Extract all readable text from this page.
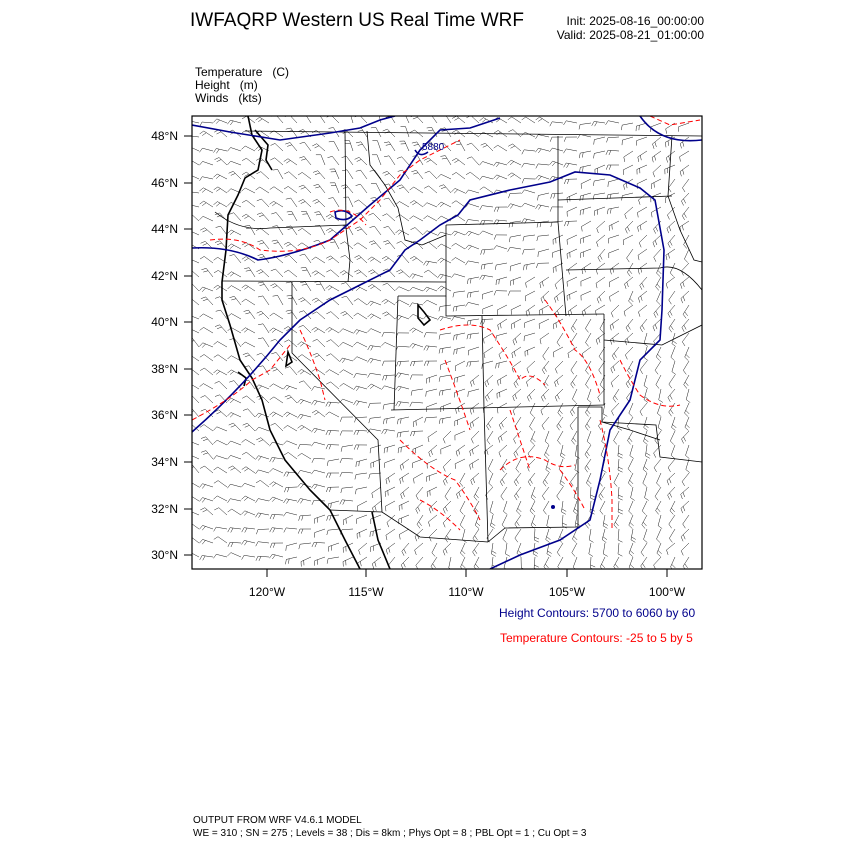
IWFAQRP Western US Real Time WRF	Init: 2025-08-16_00:00:00
Valid: 2025-08-21_01:00:00
Temperature (C)
Height (m)
Winds (kts)
5880
30°N
32°N
34°N
36°N
38°N
40°N
42°N
44°N
46°N
48°N
120°W	115°W	110°W	105°W	100°W
Height Contours: 5700 to 6060 by 60
Temperature Contours: -25 to 5 by 5
OUTPUT FROM WRF V4.6.1 MODEL
WE = 310 ; SN = 275 ; Levels = 38 ; Dis = 8km ; Phys Opt = 8 ; PBL Opt = 1 ; Cu Opt = 3
